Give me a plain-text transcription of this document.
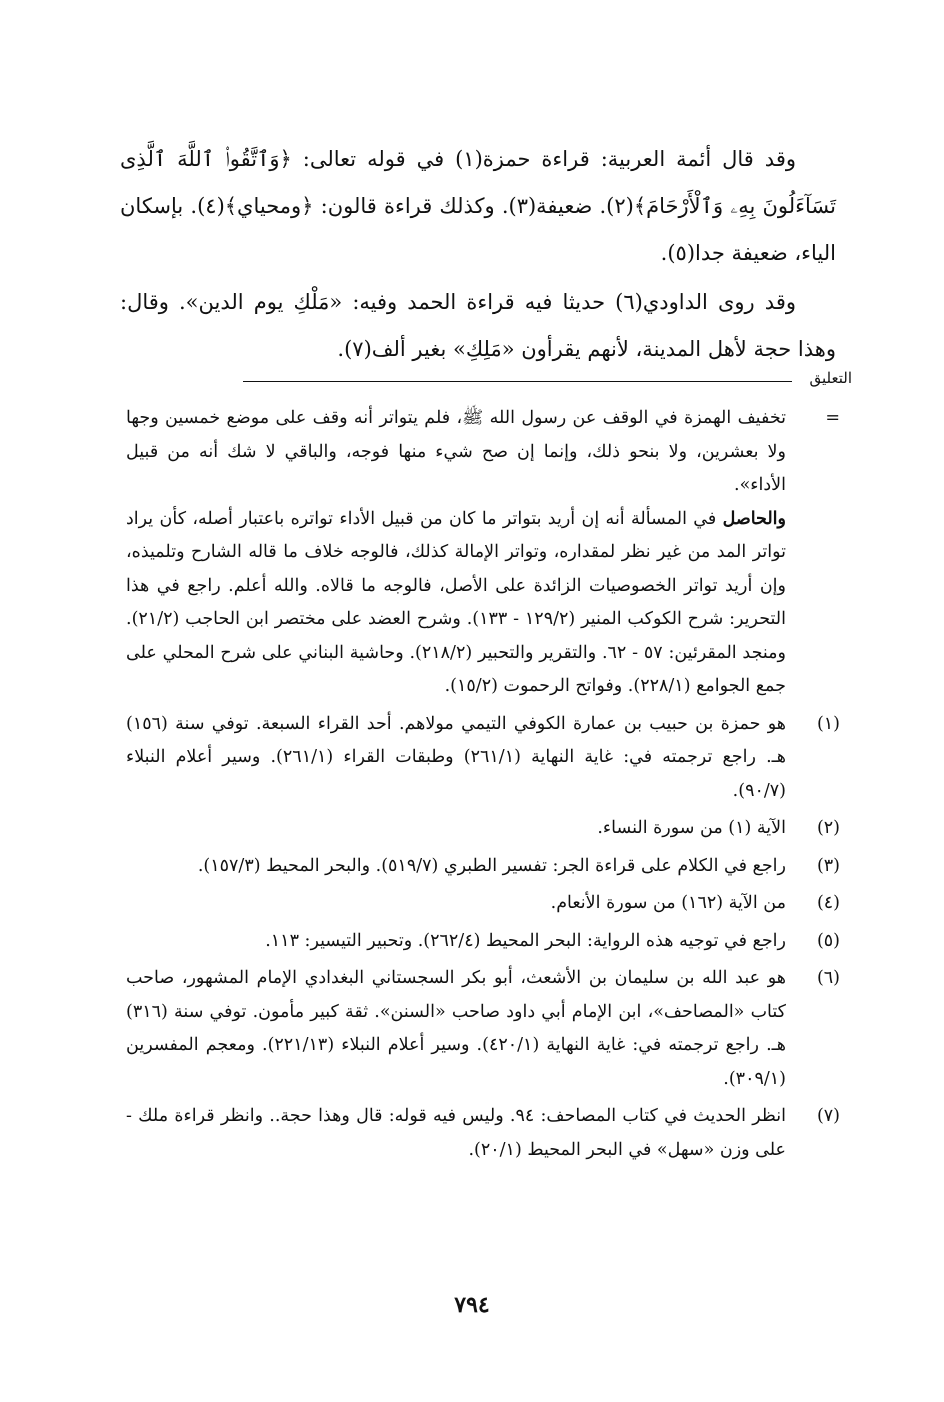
وقد قال أئمة العربية: قراءة حمزة(١) في قوله تعالى: ﴿وَٱتَّقُوا۟ ٱللَّهَ ٱلَّذِى تَسَآءَلُونَ بِهِۦ وَٱلْأَرْحَامَ﴾(٢). ضعيفة(٣). وكذلك قراءة قالون: ﴿ومحياي﴾(٤). بإسكان الياء، ضعيفة جدا(٥).

وقد روى الداودي(٦) حديثا فيه قراءة الحمد وفيه: «مَلْكِ يوم الدين». وقال: وهذا حجة لأهل المدينة، لأنهم يقرأون «مَلِكِ» بغير ألف(٧).

التعليق
=

تخفيف الهمزة في الوقف عن رسول الله ﷺ، فلم يتواتر أنه وقف على موضع خمسين وجها ولا بعشرين، ولا بنحو ذلك، وإنما إن صح شيء منها فوجه، والباقي لا شك أنه من قبيل الأداء».

والحاصل في المسألة أنه إن أريد بتواتر ما كان من قبيل الأداء تواتره باعتبار أصله، كأن يراد تواتر المد من غير نظر لمقداره، وتواتر الإمالة كذلك، فالوجه خلاف ما قاله الشارح وتلميذه، وإن أريد تواتر الخصوصيات الزائدة على الأصل، فالوجه ما قالاه. والله أعلم. راجع في هذا التحرير: شرح الكوكب المنير (١٢٩/٢ - ١٣٣). وشرح العضد على مختصر ابن الحاجب (٢١/٢). ومنجد المقرئين: ٥٧ - ٦٢. والتقرير والتحبير (٢١٨/٢). وحاشية البناني على شرح المحلي على جمع الجوامع (٢٢٨/١). وفواتح الرحموت (١٥/٢).

(١)

هو حمزة بن حبيب بن عمارة الكوفي التيمي مولاهم. أحد القراء السبعة. توفي سنة (١٥٦) هـ. راجع ترجمته في: غاية النهاية (٢٦١/١) وطبقات القراء (٢٦١/١). وسير أعلام النبلاء (٩٠/٧).

(٢)

الآية (١) من سورة النساء.

(٣)

راجع في الكلام على قراءة الجر: تفسير الطبري (٥١٩/٧). والبحر المحيط (١٥٧/٣).

(٤)

من الآية (١٦٢) من سورة الأنعام.

(٥)

راجع في توجيه هذه الرواية: البحر المحيط (٢٦٢/٤). وتحبير التيسير: ١١٣.

(٦)

هو عبد الله بن سليمان بن الأشعث، أبو بكر السجستاني البغدادي الإمام المشهور، صاحب كتاب «المصاحف»، ابن الإمام أبي داود صاحب «السنن». ثقة كبير مأمون. توفي سنة (٣١٦) هـ. راجع ترجمته في: غاية النهاية (٤٢٠/١). وسير أعلام النبلاء (٢٢١/١٣). ومعجم المفسرين (٣٠٩/١).

(٧)

انظر الحديث في كتاب المصاحف: ٩٤. وليس فيه قوله: قال وهذا حجة.. وانظر قراءة ملك - على وزن «سهل» في البحر المحيط (٢٠/١).

٧٩٤
